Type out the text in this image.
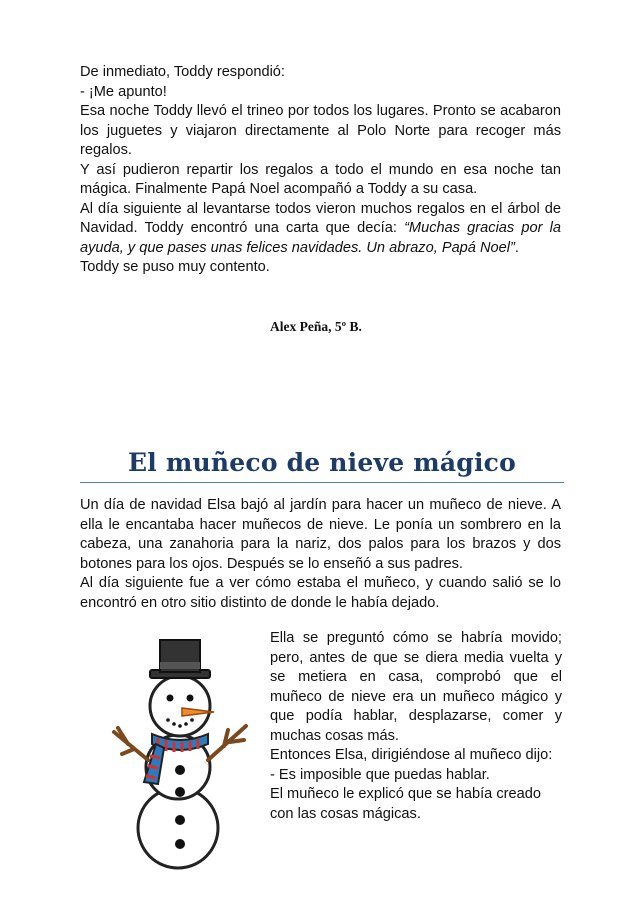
De inmediato, Toddy respondió:

- ¡Me apunto!

Esa noche Toddy llevó el trineo por todos los lugares. Pronto se acabaron los juguetes y viajaron directamente al Polo Norte para recoger más regalos.

Y así pudieron repartir los regalos a todo el mundo en esa noche tan mágica. Finalmente Papá Noel acompañó a Toddy a su casa.

Al día siguiente al levantarse todos vieron muchos regalos en el árbol de Navidad. Toddy encontró una carta que decía: “Muchas gracias por la ayuda, y que pases unas felices navidades. Un abrazo, Papá Noel”.

Toddy se puso muy contento.

Alex Peña, 5º B.
El muñeco de nieve mágico

Un día de navidad Elsa bajó al jardín para hacer un muñeco de nieve. A ella le encantaba hacer muñecos de nieve. Le ponía un sombrero en la cabeza, una zanahoria para la nariz, dos palos para los brazos y dos botones para los ojos. Después se lo enseñó a sus padres.

Al día siguiente fue a ver cómo estaba el muñeco, y cuando salió se lo encontró en otro sitio distinto de donde le había dejado.

Ella se preguntó cómo se habría movido; pero, antes de que se diera media vuelta y se metiera en casa, comprobó que el muñeco de nieve era un muñeco mágico y que podía hablar, desplazarse, comer y muchas cosas más.

Entonces Elsa, dirigiéndose al muñeco dijo:

- Es imposible que puedas hablar.

El muñeco le explicó que se había creado con las cosas mágicas.
